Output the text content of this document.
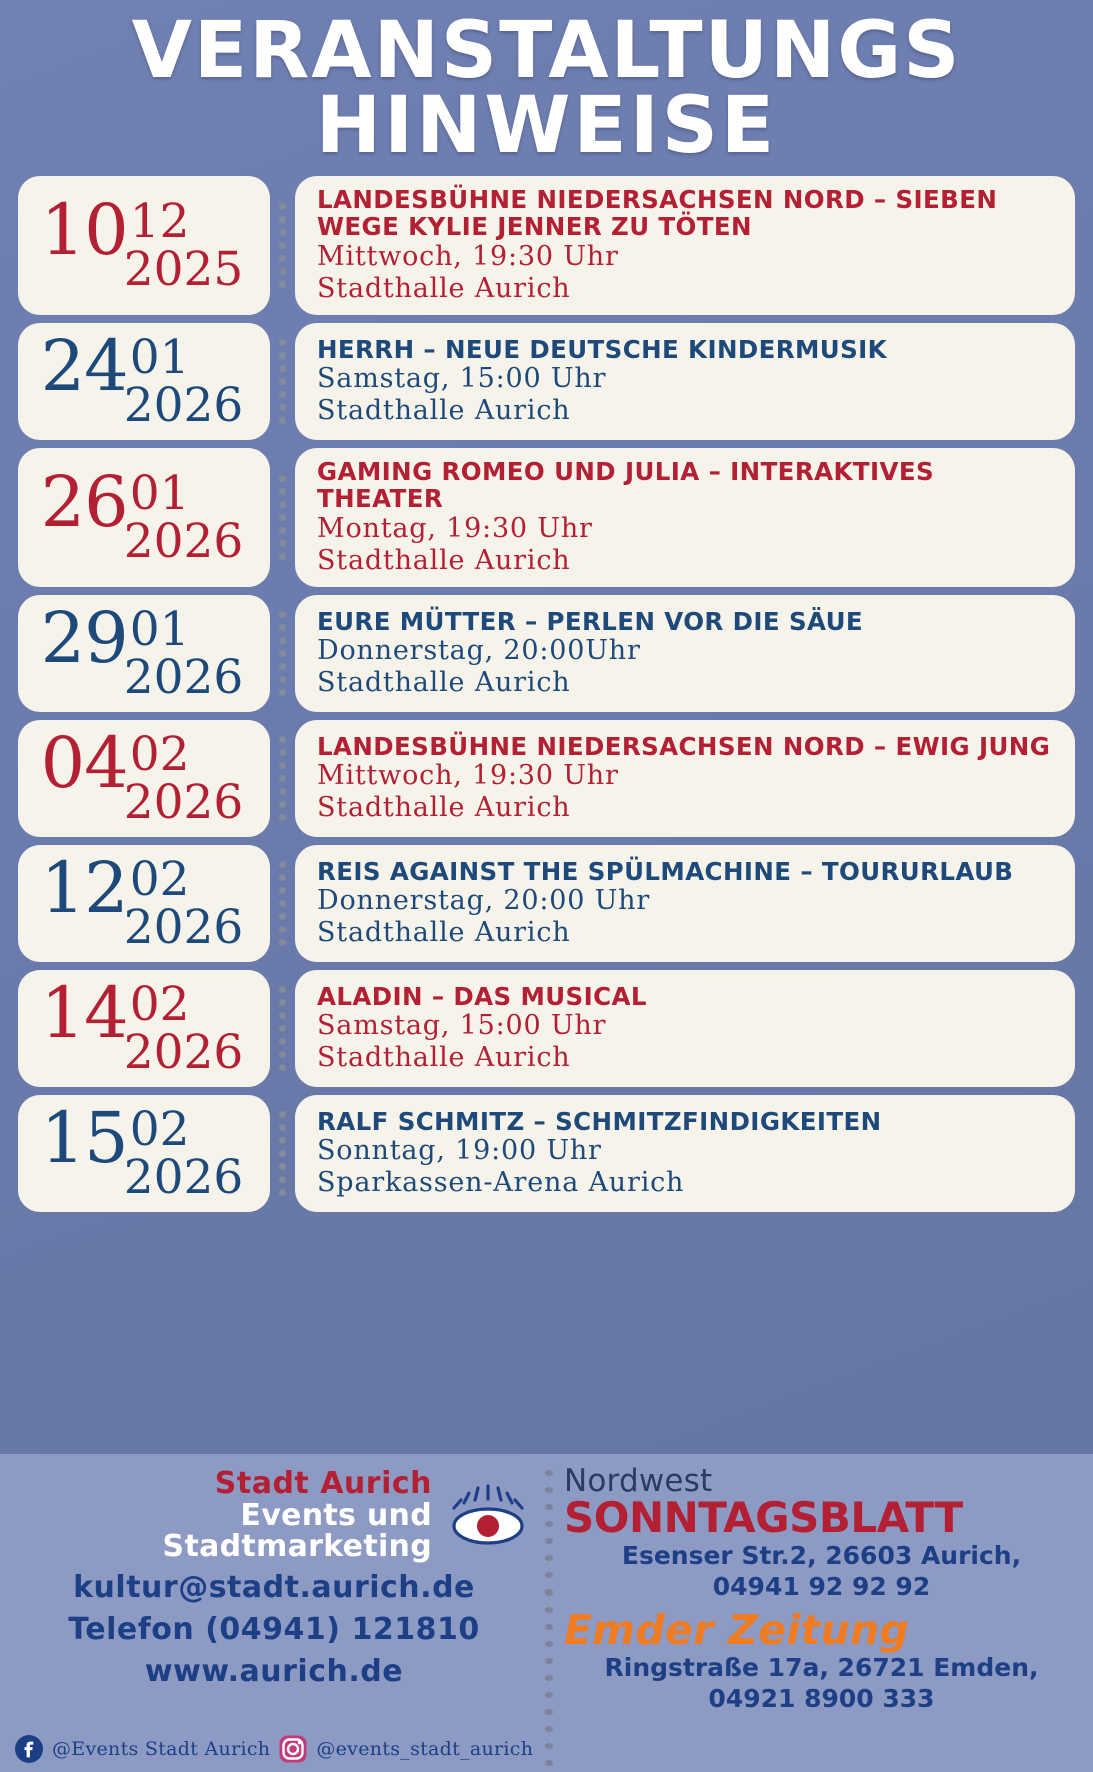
VERANSTALTUNGS
HINWEISE
10 12
2025
LANDESBÜHNE NIEDERSACHSEN NORD – SIEBEN WEGE KYLIE JENNER ZU TÖTEN
Mittwoch, 19:30 Uhr
Stadthalle Aurich
24 01
2026
HERRH – NEUE DEUTSCHE KINDERMUSIK
Samstag, 15:00 Uhr
Stadthalle Aurich
26 01
2026
GAMING ROMEO UND JULIA – INTERAKTIVES THEATER
Montag, 19:30 Uhr
Stadthalle Aurich
29 01
2026
EURE MÜTTER – PERLEN VOR DIE SÄUE
Donnerstag, 20:00Uhr
Stadthalle Aurich
04 02
2026
LANDESBÜHNE NIEDERSACHSEN NORD – EWIG JUNG
Mittwoch, 19:30 Uhr
Stadthalle Aurich
12 02
2026
REIS AGAINST THE SPÜLMACHINE – TOURURLAUB
Donnerstag, 20:00 Uhr
Stadthalle Aurich
14 02
2026
ALADIN – DAS MUSICAL
Samstag, 15:00 Uhr
Stadthalle Aurich
15 02
2026
RALF SCHMITZ – SCHMITZFINDIGKEITEN
Sonntag, 19:00 Uhr
Sparkassen-Arena Aurich
Stadt Aurich
Events und Stadtmarketing
kultur@stadt.aurich.de
Telefon (04941) 121810
www.aurich.de
@Events Stadt Aurich @events_stadt_aurich
Nordwest
SONNTAGSBLATT
Esenser Str.2, 26603 Aurich,
04941 92 92 92
Emder Zeitung
Ringstraße 17a, 26721 Emden,
04921 8900 333
